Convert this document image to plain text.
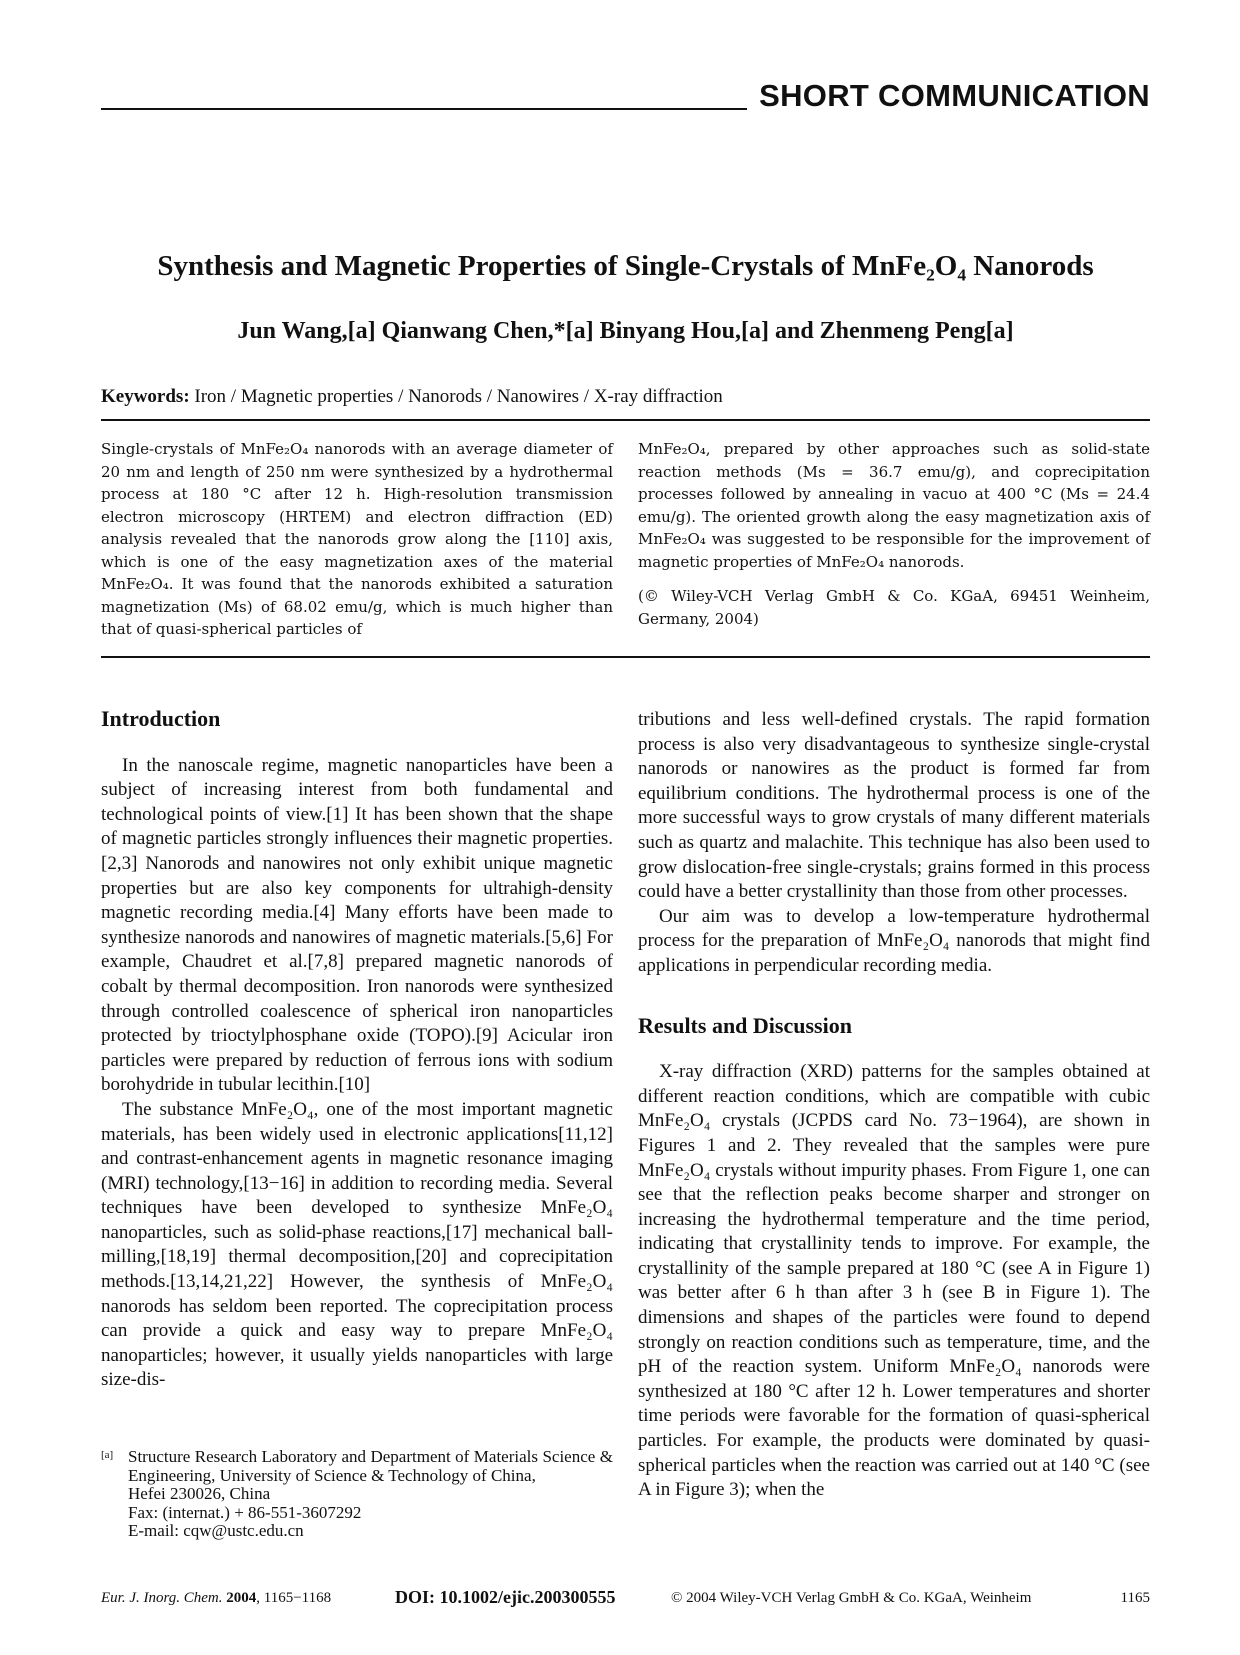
SHORT COMMUNICATION
Synthesis and Magnetic Properties of Single-Crystals of MnFe₂O₄ Nanorods
Jun Wang,[a] Qianwang Chen,*[a] Binyang Hou,[a] and Zhenmeng Peng[a]
Keywords: Iron / Magnetic properties / Nanorods / Nanowires / X-ray diffraction

Single-crystals of MnFe₂O₄ nanorods with an average diameter of 20 nm and length of 250 nm were synthesized by a hydrothermal process at 180 °C after 12 h. High-resolution transmission electron microscopy (HRTEM) and electron diffraction (ED) analysis revealed that the nanorods grow along the [110] axis, which is one of the easy magnetization axes of the material MnFe₂O₄. It was found that the nanorods exhibited a saturation magnetization (Ms) of 68.02 emu/g, which is much higher than that of quasi-spherical particles of

MnFe₂O₄, prepared by other approaches such as solid-state reaction methods (Ms = 36.7 emu/g), and coprecipitation processes followed by annealing in vacuo at 400 °C (Ms = 24.4 emu/g). The oriented growth along the easy magnetization axis of MnFe₂O₄ was suggested to be responsible for the improvement of magnetic properties of MnFe₂O₄ nanorods.

(© Wiley-VCH Verlag GmbH & Co. KGaA, 69451 Weinheim, Germany, 2004)

Introduction

In the nanoscale regime, magnetic nanoparticles have been a subject of increasing interest from both fundamental and technological points of view.[1] It has been shown that the shape of magnetic particles strongly influences their magnetic properties.[2,3] Nanorods and nanowires not only exhibit unique magnetic properties but are also key components for ultrahigh-density magnetic recording media.[4] Many efforts have been made to synthesize nanorods and nanowires of magnetic materials.[5,6] For example, Chaudret et al.[7,8] prepared magnetic nanorods of cobalt by thermal decomposition. Iron nanorods were synthesized through controlled coalescence of spherical iron nanoparticles protected by trioctylphosphane oxide (TOPO).[9] Acicular iron particles were prepared by reduction of ferrous ions with sodium borohydride in tubular lecithin.[10]

The substance MnFe₂O₄, one of the most important magnetic materials, has been widely used in electronic applications[11,12] and contrast-enhancement agents in magnetic resonance imaging (MRI) technology,[13−16] in addition to recording media. Several techniques have been developed to synthesize MnFe₂O₄ nanoparticles, such as solid-phase reactions,[17] mechanical ball-milling,[18,19] thermal decomposition,[20] and coprecipitation methods.[13,14,21,22] However, the synthesis of MnFe₂O₄ nanorods has seldom been reported. The coprecipitation process can provide a quick and easy way to prepare MnFe₂O₄ nanoparticles; however, it usually yields nanoparticles with large size-dis-

tributions and less well-defined crystals. The rapid formation process is also very disadvantageous to synthesize single-crystal nanorods or nanowires as the product is formed far from equilibrium conditions. The hydrothermal process is one of the more successful ways to grow crystals of many different materials such as quartz and malachite. This technique has also been used to grow dislocation-free single-crystals; grains formed in this process could have a better crystallinity than those from other processes.

Our aim was to develop a low-temperature hydrothermal process for the preparation of MnFe₂O₄ nanorods that might find applications in perpendicular recording media.

Results and Discussion

X-ray diffraction (XRD) patterns for the samples obtained at different reaction conditions, which are compatible with cubic MnFe₂O₄ crystals (JCPDS card No. 73−1964), are shown in Figures 1 and 2. They revealed that the samples were pure MnFe₂O₄ crystals without impurity phases. From Figure 1, one can see that the reflection peaks become sharper and stronger on increasing the hydrothermal temperature and the time period, indicating that crystallinity tends to improve. For example, the crystallinity of the sample prepared at 180 °C (see A in Figure 1) was better after 6 h than after 3 h (see B in Figure 1). The dimensions and shapes of the particles were found to depend strongly on reaction conditions such as temperature, time, and the pH of the reaction system. Uniform MnFe₂O₄ nanorods were synthesized at 180 °C after 12 h. Lower temperatures and shorter time periods were favorable for the formation of quasi-spherical particles. For example, the products were dominated by quasi-spherical particles when the reaction was carried out at 140 °C (see A in Figure 3); when the

[a] Structure Research Laboratory and Department of Materials Science & Engineering, University of Science & Technology of China,
Hefei 230026, China
Fax: (internat.) + 86-551-3607292
E-mail: cqw@ustc.edu.cn
Eur. J. Inorg. Chem. 2004, 1165−1168	DOI: 10.1002/ejic.200300555	© 2004 Wiley-VCH Verlag GmbH & Co. KGaA, Weinheim	1165
